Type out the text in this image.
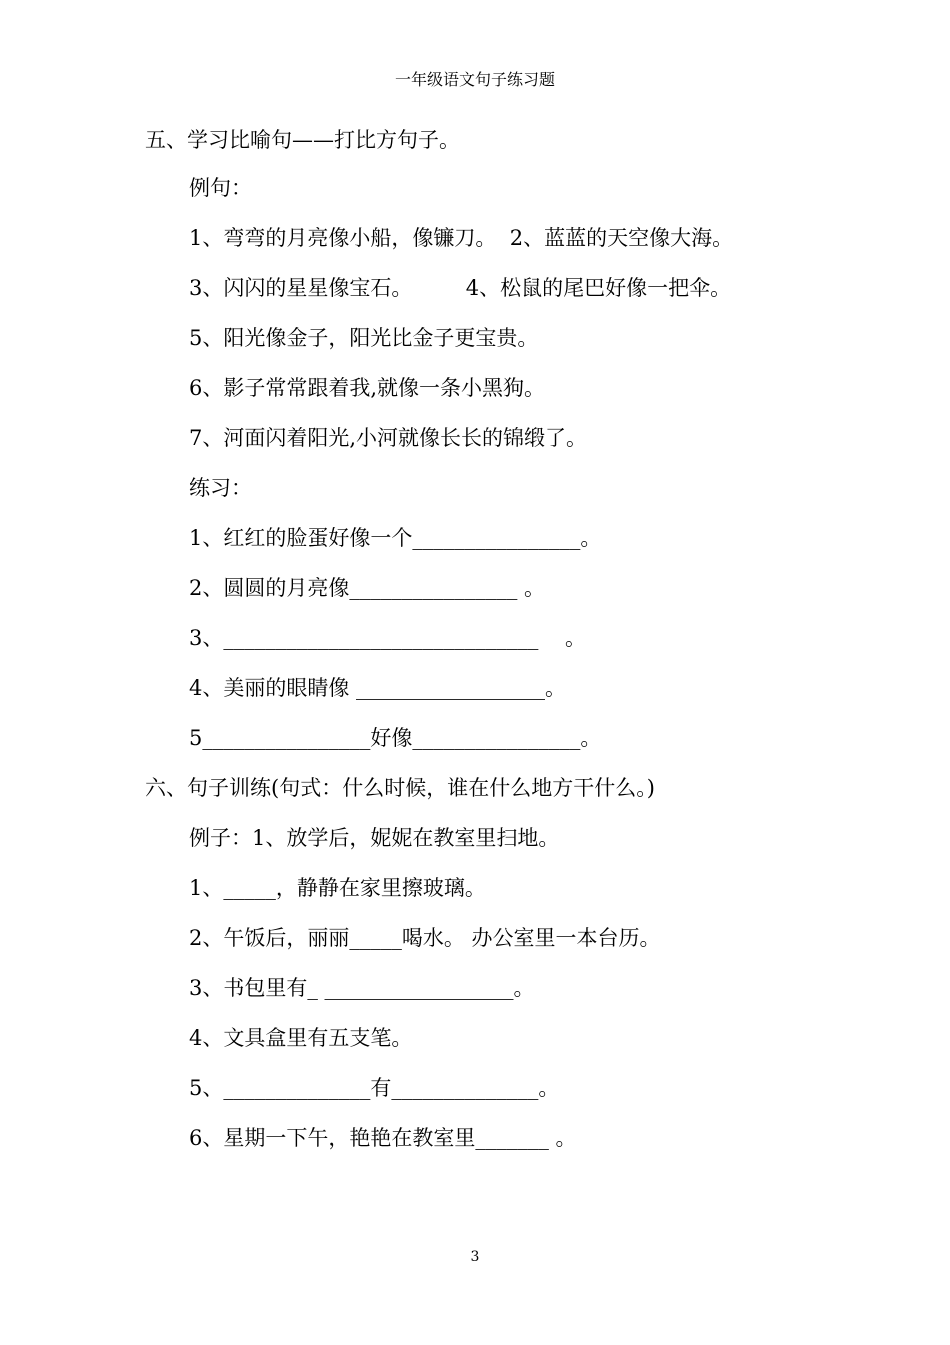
一年级语文句子练习题
五、学习比喻句——打比方句子。
例句：
1、弯弯的月亮像小船，像镰刀。  2、蓝蓝的天空像大海。
3、闪闪的星星像宝石。        4、松鼠的尾巴好像一把伞。
5、阳光像金子，阳光比金子更宝贵。
6、影子常常跟着我,就像一条小黑狗。
7、河面闪着阳光,小河就像长长的锦缎了。
练习：
1、红红的脸蛋好像一个________________。
2、圆圆的月亮像________________ 。
3、______________________________    。
4、美丽的眼睛像 __________________。
5________________好像________________。
六、句子训练(句式：什么时候，谁在什么地方干什么。)
例子：1、放学后，妮妮在教室里扫地。
1、_____，静静在家里擦玻璃。
2、午饭后，丽丽_____喝水。 办公室里一本台历。
3、书包里有_ __________________。
4、文具盒里有五支笔。
5、______________有______________。
6、星期一下午，艳艳在教室里_______ 。
3
